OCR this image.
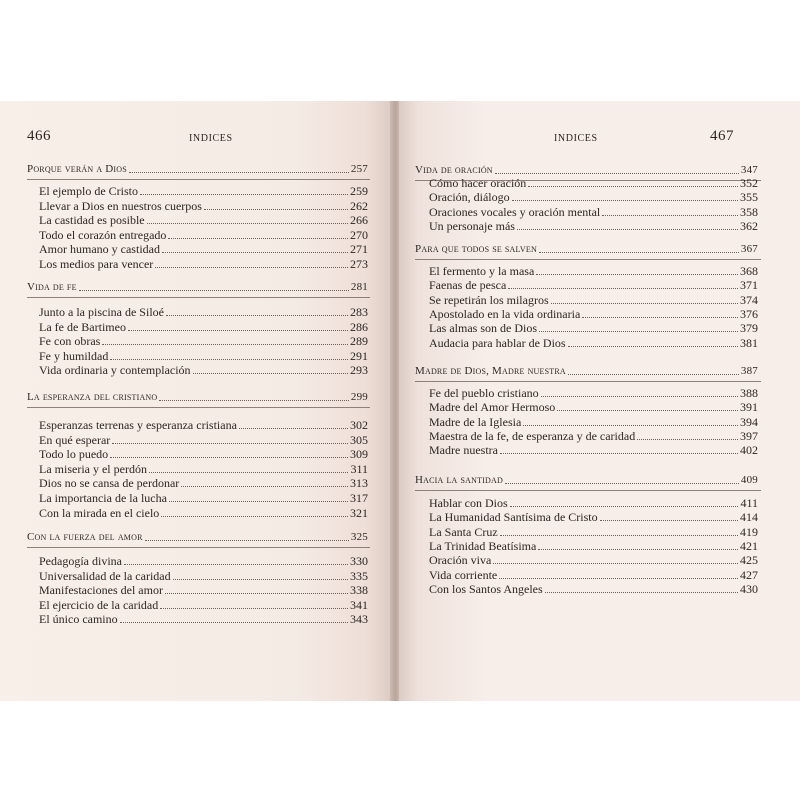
466	INDICES
Porque verán a Dios	257
El ejemplo de Cristo	259
Llevar a Dios en nuestros cuerpos	262
La castidad es posible	266
Todo el corazón entregado	270
Amor humano y castidad	271
Los medios para vencer	273
Vida de fe	281
Junto a la piscina de Siloé	283
La fe de Bartimeo	286
Fe con obras	289
Fe y humildad	291
Vida ordinaria y contemplación	293
La esperanza del cristiano	299
Esperanzas terrenas y esperanza cristiana	302
En qué esperar	305
Todo lo puedo	309
La miseria y el perdón	311
Dios no se cansa de perdonar	313
La importancia de la lucha	317
Con la mirada en el cielo	321
Con la fuerza del amor	325
Pedagogía divina	330
Universalidad de la caridad	335
Manifestaciones del amor	338
El ejercicio de la caridad	341
El único camino	343
INDICES	467
Vida de oración	347
Cómo hacer oración	352
Oración, diálogo	355
Oraciones vocales y oración mental	358
Un personaje más	362
Para que todos se salven	367
El fermento y la masa	368
Faenas de pesca	371
Se repetirán los milagros	374
Apostolado en la vida ordinaria	376
Las almas son de Dios	379
Audacia para hablar de Dios	381
Madre de Dios, Madre nuestra	387
Fe del pueblo cristiano	388
Madre del Amor Hermoso	391
Madre de la Iglesia	394
Maestra de la fe, de esperanza y de caridad	397
Madre nuestra	402
Hacia la santidad	409
Hablar con Dios	411
La Humanidad Santísima de Cristo	414
La Santa Cruz	419
La Trinidad Beatísima	421
Oración viva	425
Vida corriente	427
Con los Santos Angeles	430
